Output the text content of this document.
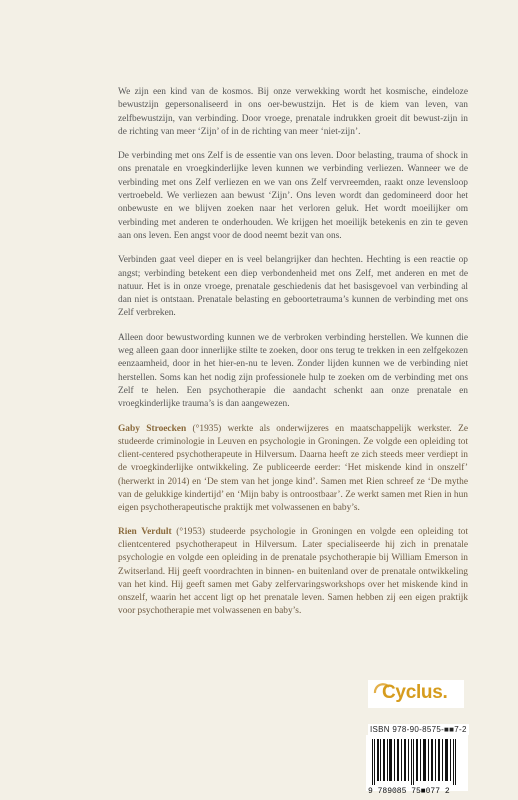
We zijn een kind van de kosmos. Bij onze verwekking wordt het kosmische, eindeloze bewustzijn gepersonaliseerd in ons oer-bewustzijn. Het is de kiem van leven, van zelfbewustzijn, van verbinding. Door vroege, prenatale indrukken groeit dit bewust-zijn in de richting van meer ‘Zijn’ of in de richting van meer ‘niet-zijn’.

De verbinding met ons Zelf is de essentie van ons leven. Door belasting, trauma of shock in ons prenatale en vroegkinderlijke leven kunnen we verbinding verliezen. Wanneer we de verbinding met ons Zelf verliezen en we van ons Zelf vervreemden, raakt onze levensloop vertroebeld. We verliezen aan bewust ‘Zijn’. Ons leven wordt dan gedomineerd door het onbewuste en we blijven zoeken naar het verloren geluk. Het wordt moeilijker om verbinding met anderen te onderhouden. We krijgen het moeilijk betekenis en zin te geven aan ons leven. Een angst voor de dood neemt bezit van ons.

Verbinden gaat veel dieper en is veel belangrijker dan hechten. Hechting is een reactie op angst; verbinding betekent een diep verbondenheid met ons Zelf, met anderen en met de natuur. Het is in onze vroege, prenatale geschiedenis dat het basisgevoel van verbinding al dan niet is ontstaan. Prenatale belasting en geboortetrauma’s kunnen de verbinding met ons Zelf verbreken.

Alleen door bewustwording kunnen we de verbroken verbinding herstellen. We kunnen die weg alleen gaan door innerlijke stilte te zoeken, door ons terug te trekken in een zelfgekozen eenzaamheid, door in het hier-en-nu te leven. Zonder lijden kunnen we de verbinding niet herstellen. Soms kan het nodig zijn professionele hulp te zoeken om de verbinding met ons Zelf te helen. Een psychotherapie die aandacht schenkt aan onze prenatale en vroegkinderlijke trauma’s is dan aangewezen.

Gaby Stroecken (°1935) werkte als onderwijzeres en maatschappelijk werkster. Ze studeerde criminologie in Leuven en psychologie in Groningen. Ze volgde een opleiding tot client-centered psychotherapeute in Hilversum. Daarna heeft ze zich steeds meer verdiept in de vroegkinderlijke ontwikkeling. Ze publiceerde eerder: ‘Het miskende kind in onszelf’ (herwerkt in 2014) en ‘De stem van het jonge kind’. Samen met Rien schreef ze ‘De mythe van de gelukkige kindertijd’ en ‘Mijn baby is ontroostbaar’. Ze werkt samen met Rien in hun eigen psychotherapeutische praktijk met volwassenen en baby’s.

Rien Verdult (°1953) studeerde psychologie in Groningen en volgde een opleiding tot clientcentered psychotherapeut in Hilversum. Later specialiseerde hij zich in prenatale psychologie en volgde een opleiding in de prenatale psychotherapie bij William Emerson in Zwitserland. Hij geeft voordrachten in binnen- en buitenland over de prenatale ontwikkeling van het kind. Hij geeft samen met Gaby zelfervaringsworkshops over het miskende kind in onszelf, waarin het accent ligt op het prenatale leven. Samen hebben zij een eigen praktijk voor psychotherapie met volwassenen en baby’s.

Cyclus.
ISBN 978-90-8575-■■7-2
9 789085 75■077 2
